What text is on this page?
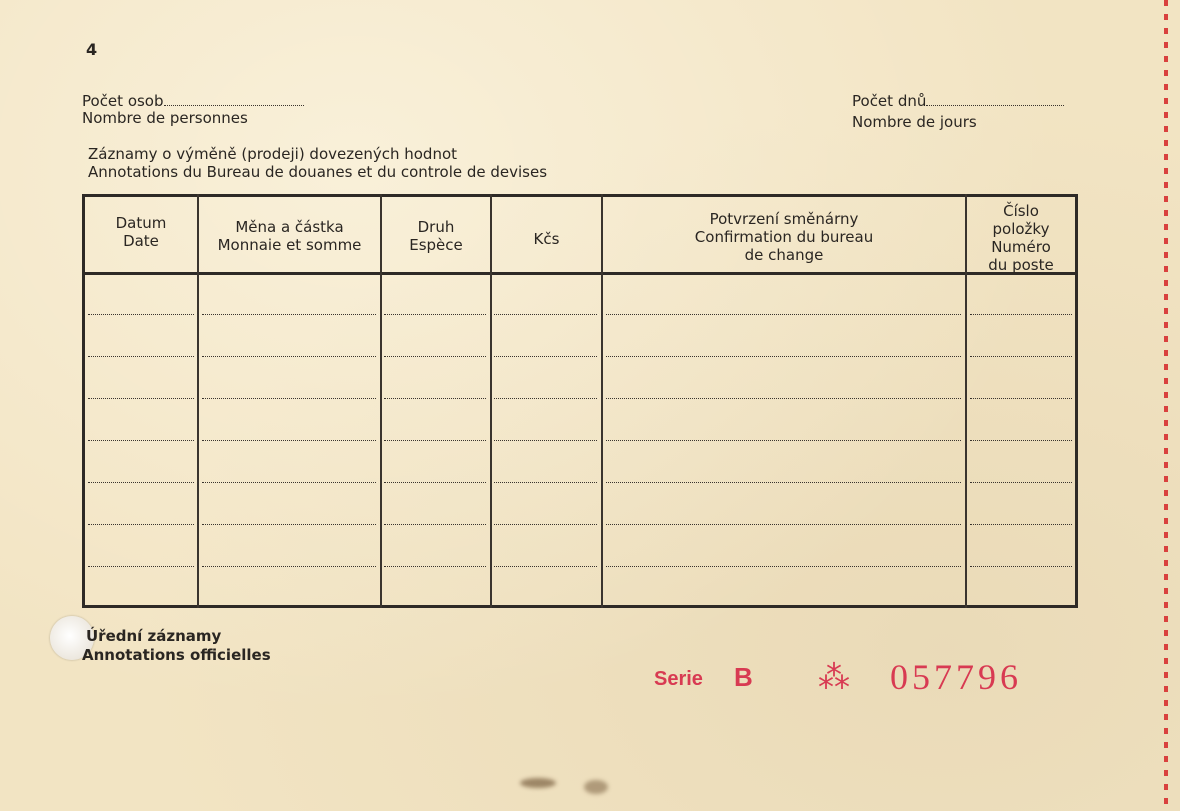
4
Počet osob
Nombre de personnes
Počet dnů
Nombre de jours
Záznamy o výměně (prodeji) dovezených hodnot
Annotations du Bureau de douanes et du controle de devises
Datum
Date
Měna a částka
Monnaie et somme
Druh
Espèce	Kčs
Potvrzení směnárny
Confirmation du bureau
de change
Číslo
položky
Numéro
du poste
Úřední záznamy
Annotations officielles
Serie B ⁂ 057796
